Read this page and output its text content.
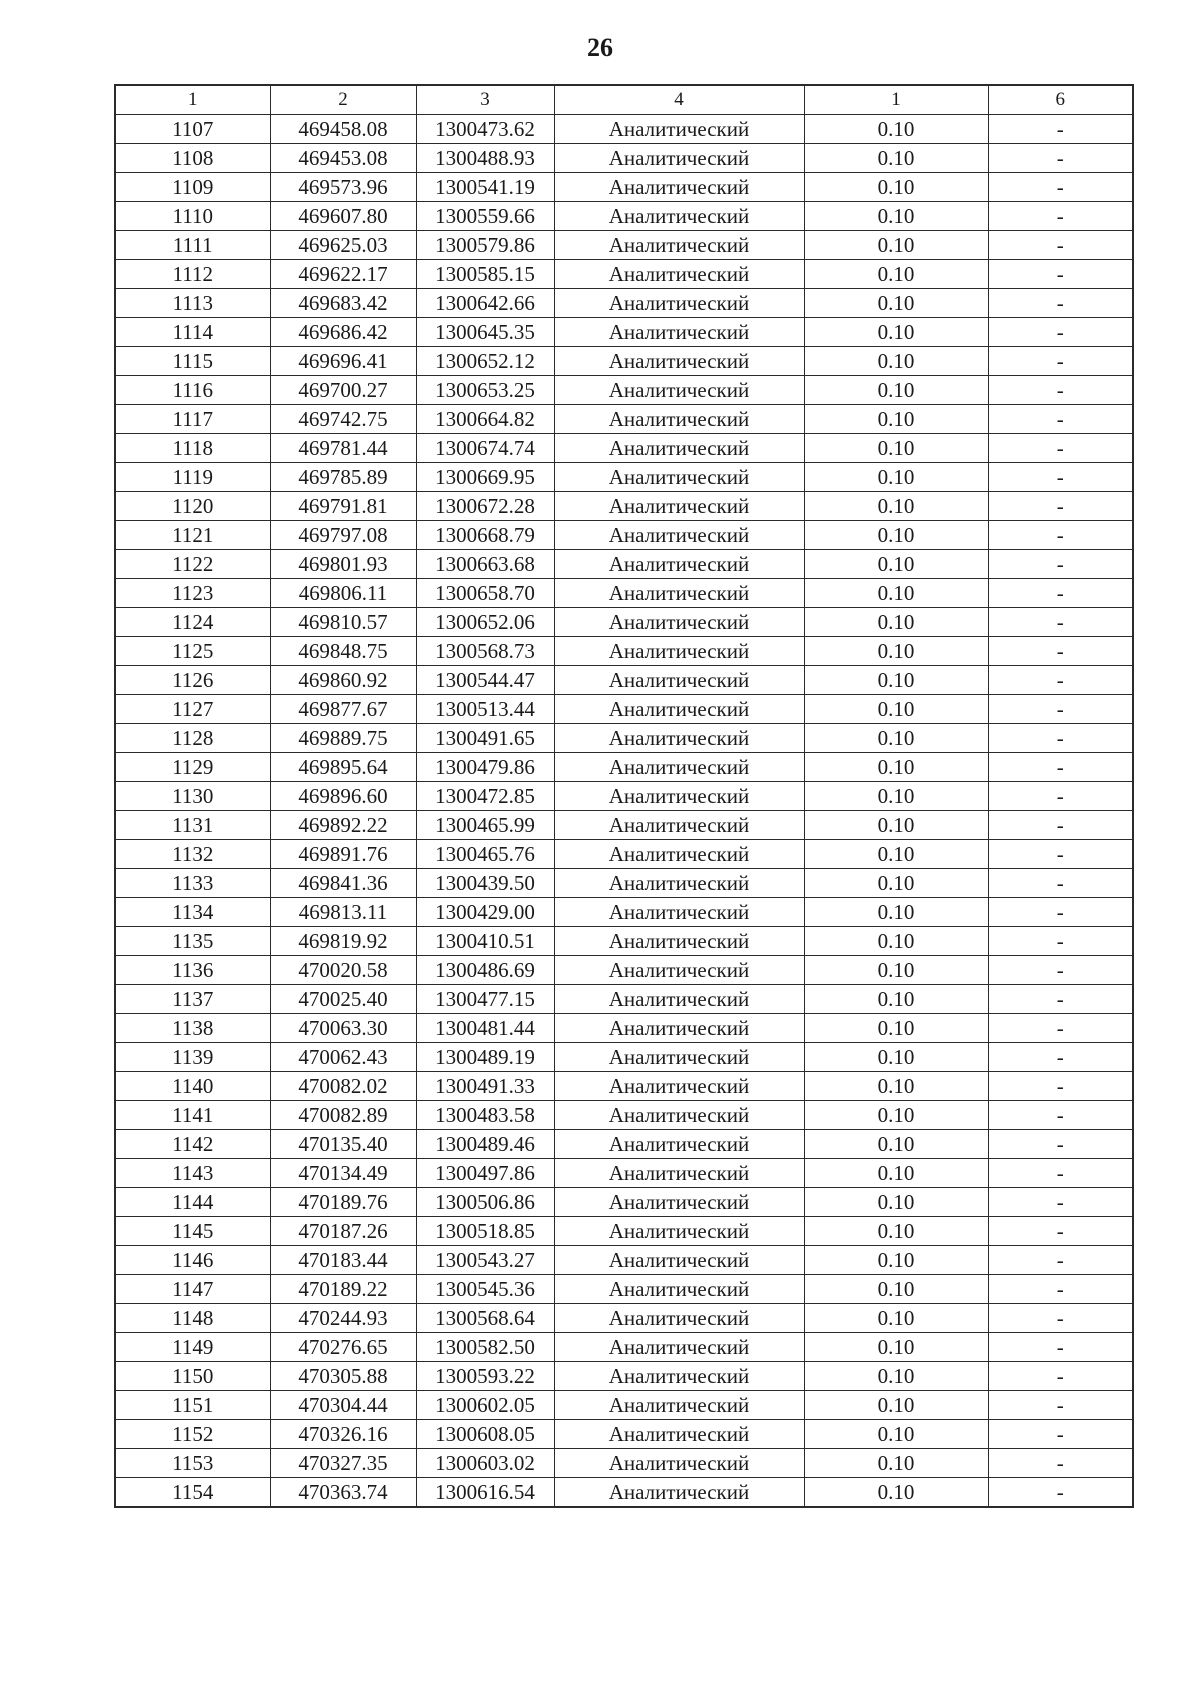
26
1	2	3	4	1	6
1107	469458.08	1300473.62	Аналитический	0.10	-
1108	469453.08	1300488.93	Аналитический	0.10	-
1109	469573.96	1300541.19	Аналитический	0.10	-
1110	469607.80	1300559.66	Аналитический	0.10	-
1111	469625.03	1300579.86	Аналитический	0.10	-
1112	469622.17	1300585.15	Аналитический	0.10	-
1113	469683.42	1300642.66	Аналитический	0.10	-
1114	469686.42	1300645.35	Аналитический	0.10	-
1115	469696.41	1300652.12	Аналитический	0.10	-
1116	469700.27	1300653.25	Аналитический	0.10	-
1117	469742.75	1300664.82	Аналитический	0.10	-
1118	469781.44	1300674.74	Аналитический	0.10	-
1119	469785.89	1300669.95	Аналитический	0.10	-
1120	469791.81	1300672.28	Аналитический	0.10	-
1121	469797.08	1300668.79	Аналитический	0.10	-
1122	469801.93	1300663.68	Аналитический	0.10	-
1123	469806.11	1300658.70	Аналитический	0.10	-
1124	469810.57	1300652.06	Аналитический	0.10	-
1125	469848.75	1300568.73	Аналитический	0.10	-
1126	469860.92	1300544.47	Аналитический	0.10	-
1127	469877.67	1300513.44	Аналитический	0.10	-
1128	469889.75	1300491.65	Аналитический	0.10	-
1129	469895.64	1300479.86	Аналитический	0.10	-
1130	469896.60	1300472.85	Аналитический	0.10	-
1131	469892.22	1300465.99	Аналитический	0.10	-
1132	469891.76	1300465.76	Аналитический	0.10	-
1133	469841.36	1300439.50	Аналитический	0.10	-
1134	469813.11	1300429.00	Аналитический	0.10	-
1135	469819.92	1300410.51	Аналитический	0.10	-
1136	470020.58	1300486.69	Аналитический	0.10	-
1137	470025.40	1300477.15	Аналитический	0.10	-
1138	470063.30	1300481.44	Аналитический	0.10	-
1139	470062.43	1300489.19	Аналитический	0.10	-
1140	470082.02	1300491.33	Аналитический	0.10	-
1141	470082.89	1300483.58	Аналитический	0.10	-
1142	470135.40	1300489.46	Аналитический	0.10	-
1143	470134.49	1300497.86	Аналитический	0.10	-
1144	470189.76	1300506.86	Аналитический	0.10	-
1145	470187.26	1300518.85	Аналитический	0.10	-
1146	470183.44	1300543.27	Аналитический	0.10	-
1147	470189.22	1300545.36	Аналитический	0.10	-
1148	470244.93	1300568.64	Аналитический	0.10	-
1149	470276.65	1300582.50	Аналитический	0.10	-
1150	470305.88	1300593.22	Аналитический	0.10	-
1151	470304.44	1300602.05	Аналитический	0.10	-
1152	470326.16	1300608.05	Аналитический	0.10	-
1153	470327.35	1300603.02	Аналитический	0.10	-
1154	470363.74	1300616.54	Аналитический	0.10	-
